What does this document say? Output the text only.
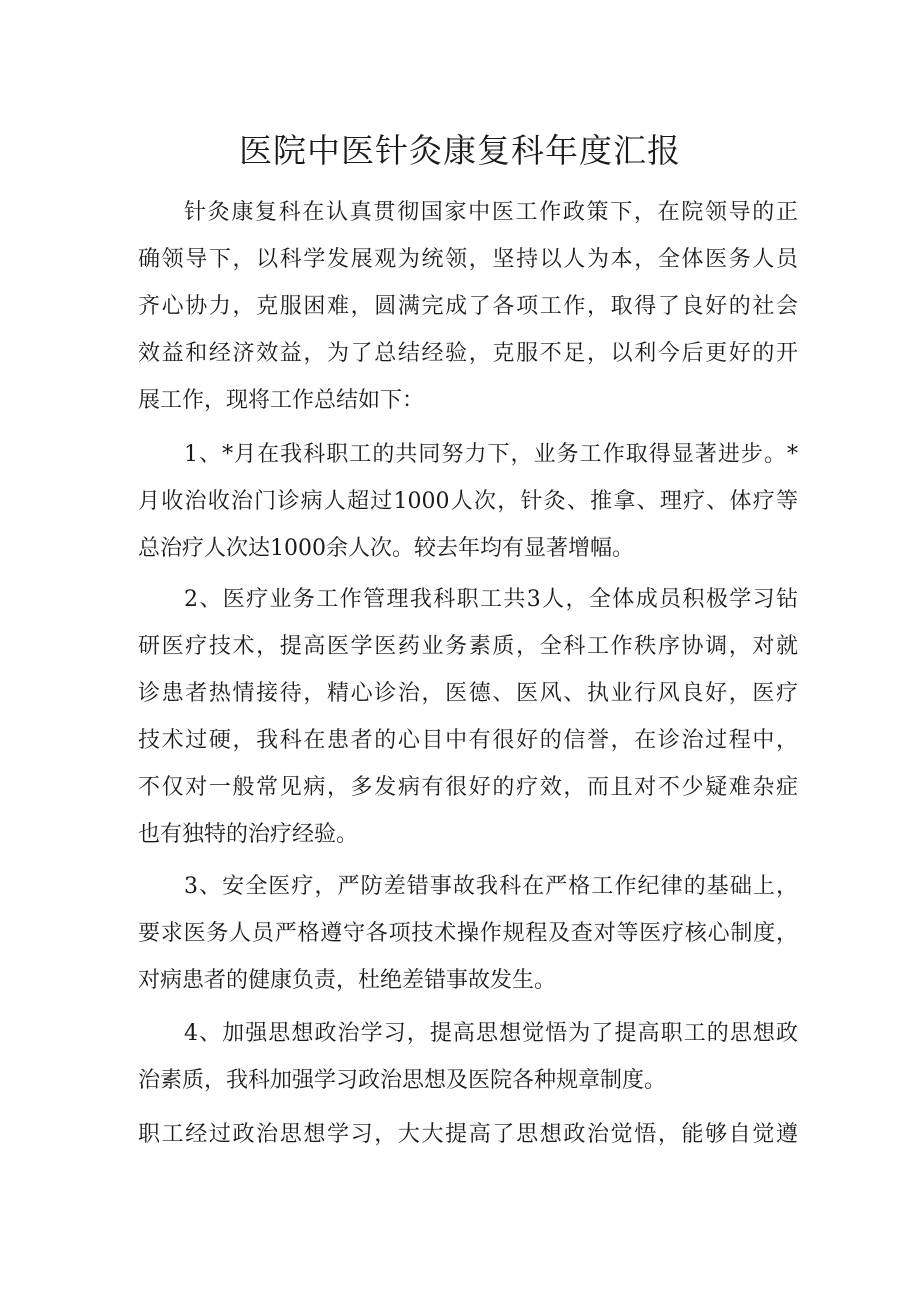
医院中医针灸康复科年度汇报

针灸康复科在认真贯彻国家中医工作政策下，在院领导的正

确领导下，以科学发展观为统领，坚持以人为本，全体医务人员

齐心协力，克服困难，圆满完成了各项工作，取得了良好的社会

效益和经济效益，为了总结经验，克服不足，以利今后更好的开

展工作，现将工作总结如下：

1、*月在我科职工的共同努力下，业务工作取得显著进步。*

月收治收治门诊病人超过1000人次，针灸、推拿、理疗、体疗等

总治疗人次达1000余人次。较去年均有显著增幅。

2、医疗业务工作管理我科职工共3人，全体成员积极学习钻

研医疗技术，提高医学医药业务素质，全科工作秩序协调，对就

诊患者热情接待，精心诊治，医德、医风、执业行风良好，医疗

技术过硬，我科在患者的心目中有很好的信誉，在诊治过程中，

不仅对一般常见病，多发病有很好的疗效，而且对不少疑难杂症

也有独特的治疗经验。

3、安全医疗，严防差错事故我科在严格工作纪律的基础上，

要求医务人员严格遵守各项技术操作规程及查对等医疗核心制度，

对病患者的健康负责，杜绝差错事故发生。

4、加强思想政治学习，提高思想觉悟为了提高职工的思想政

治素质，我科加强学习政治思想及医院各种规章制度。

职工经过政治思想学习，大大提高了思想政治觉悟，能够自觉遵
